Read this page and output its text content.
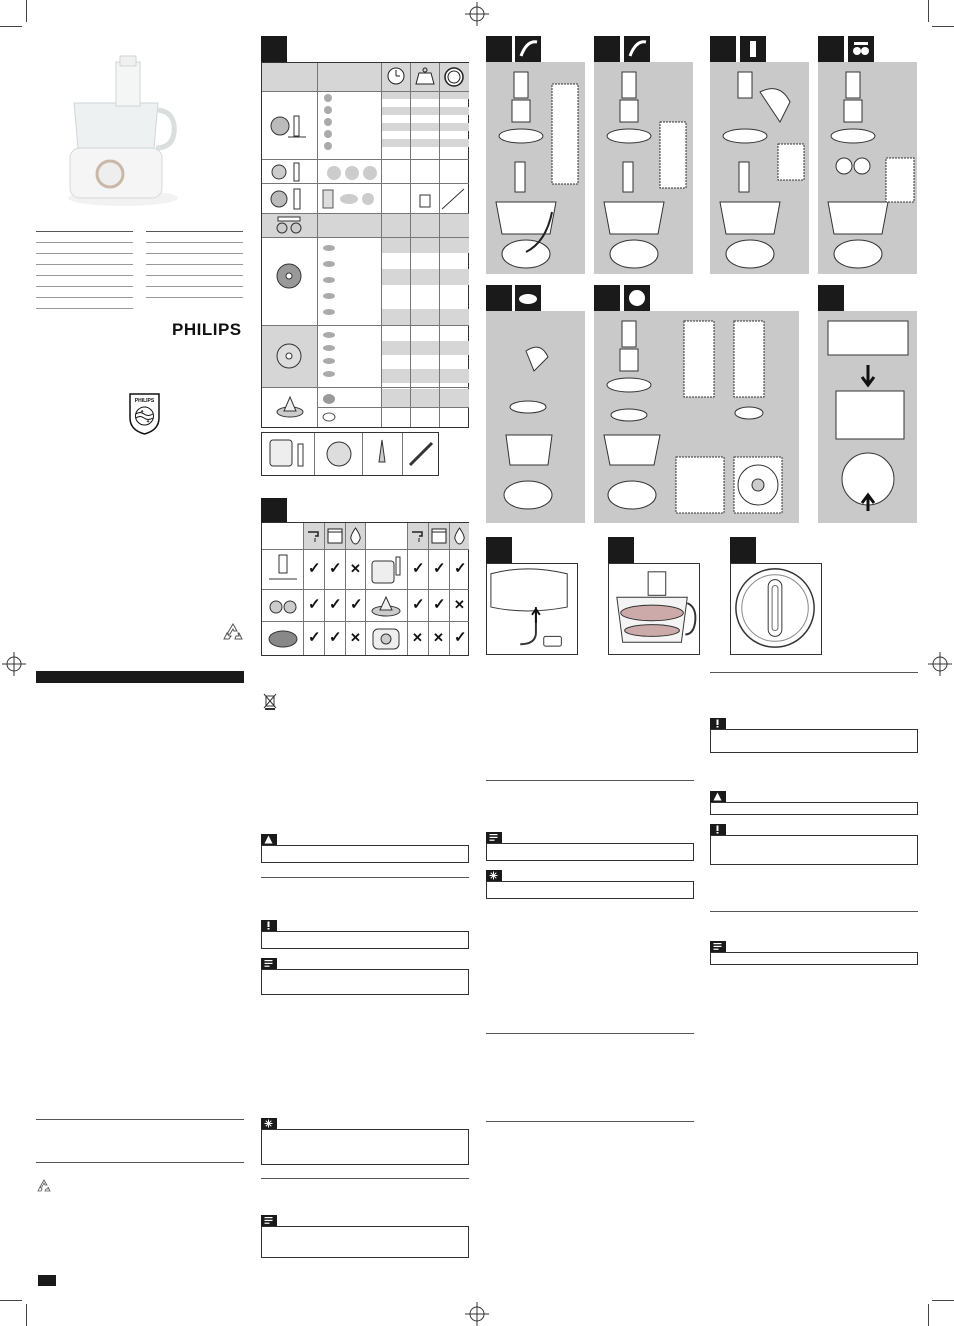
PHILIPS
PHILIPS
✦
✦
✓ ✓ ✕	✓ ✓ ✓
✓ ✓ ✓	✓ ✓ ✕
✓ ✓ ✕	✕ ✕ ✓
